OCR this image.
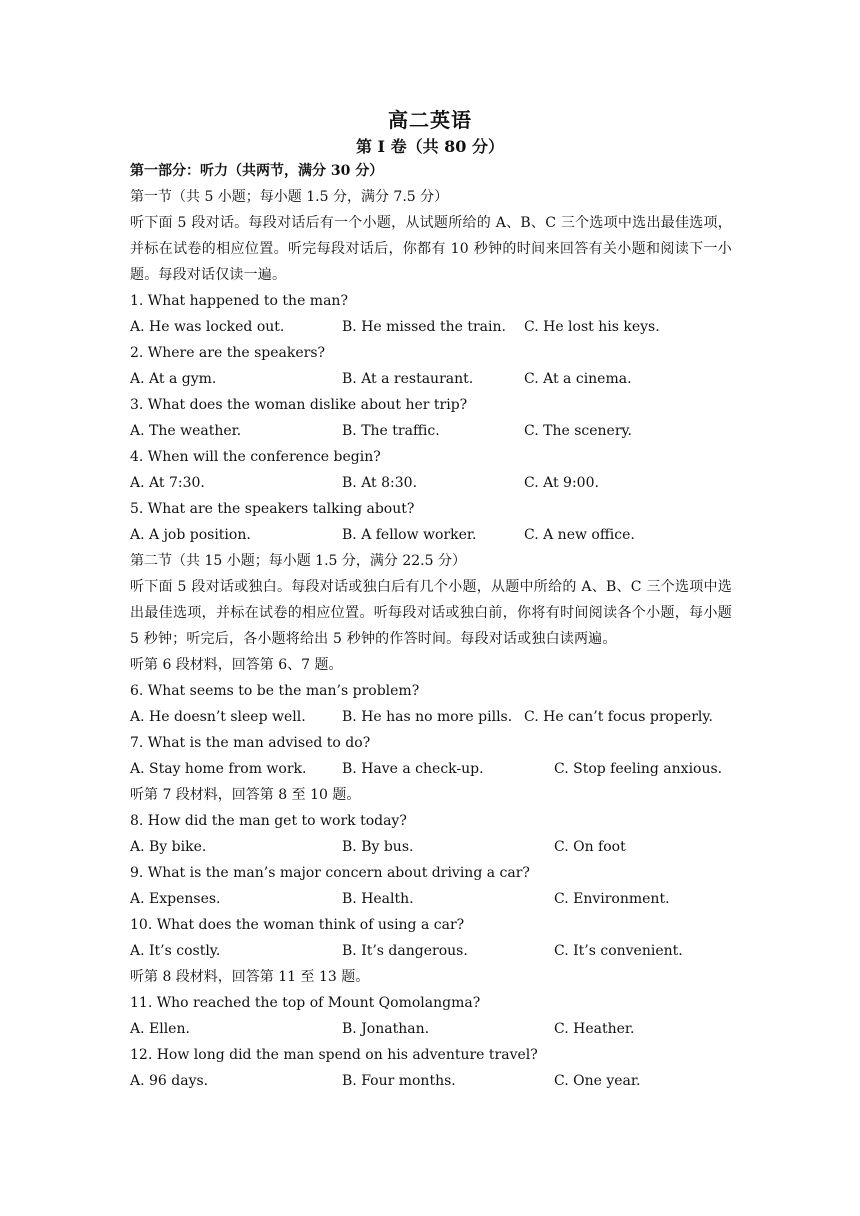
高二英语
第 I 卷（共 80 分）
第一部分：听力（共两节，满分 30 分）
第一节（共 5 小题；每小题 1.5 分，满分 7.5 分）
听下面 5 段对话。每段对话后有一个小题，从试题所给的 A、B、C 三个选项中选出最佳选项，并标在试卷的相应位置。听完每段对话后，你都有 10 秒钟的时间来回答有关小题和阅读下一小题。每段对话仅读一遍。
1. What happened to the man?
A. He was locked out.	B. He missed the train. C. He lost his keys.
2. Where are the speakers?
A. At a gym.	B. At a restaurant.	C. At a cinema.
3. What does the woman dislike about her trip?
A. The weather.	B. The traffic.	C. The scenery.
4. When will the conference begin?
A. At 7:30.	B. At 8:30.	C. At 9:00.
5. What are the speakers talking about?
A. A job position.	B. A fellow worker.	C. A new office.
第二节（共 15 小题；每小题 1.5 分，满分 22.5 分）
听下面 5 段对话或独白。每段对话或独白后有几个小题，从题中所给的 A、B、C 三个选项中选出最佳选项，并标在试卷的相应位置。听每段对话或独白前，你将有时间阅读各个小题，每小题 5 秒钟；听完后，各小题将给出 5 秒钟的作答时间。每段对话或独白读两遍。
听第 6 段材料，回答第 6、7 题。
6. What seems to be the man’s problem?
A. He doesn’t sleep well.	B. He has no more pills. C. He can’t focus properly.
7. What is the man advised to do?
A. Stay home from work.	B. Have a check-up.	C. Stop feeling anxious.
听第 7 段材料，回答第 8 至 10 题。
8. How did the man get to work today?
A. By bike.	B. By bus.	C. On foot
9. What is the man’s major concern about driving a car?
A. Expenses.	B. Health.	C. Environment.
10. What does the woman think of using a car?
A. It’s costly.	B. It’s dangerous.	C. It’s convenient.
听第 8 段材料，回答第 11 至 13 题。
11. Who reached the top of Mount Qomolangma?
A. Ellen.	B. Jonathan.	C. Heather.
12. How long did the man spend on his adventure travel?
A. 96 days.	B. Four months.	C. One year.
